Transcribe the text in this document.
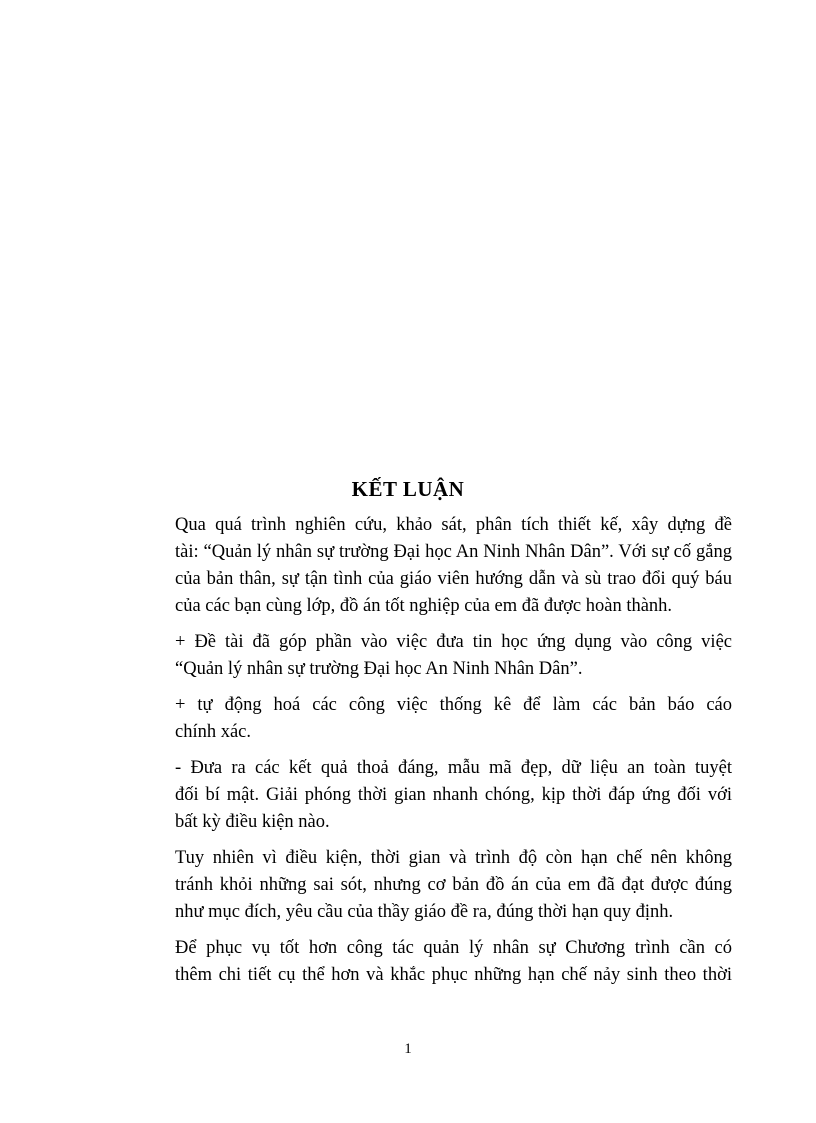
KẾT LUẬN

Qua quá trình nghiên cứu, khảo sát, phân tích thiết kế, xây dựng đề
tài: “Quản lý nhân sự trường Đại học An Ninh Nhân Dân”. Với sự cố gắng
của bản thân, sự tận tình của giáo viên hướng dẫn và sù trao đổi quý báu
của các bạn cùng lớp, đồ án tốt nghiệp của em đã được hoàn thành.

+ Đề tài đã góp phần vào việc đưa tin học ứng dụng vào công việc
“Quản lý nhân sự trường Đại học An Ninh Nhân Dân”.

+ tự động hoá các công việc thống kê để làm các bản báo cáo
chính xác.

- Đưa ra các kết quả thoả đáng, mẫu mã đẹp, dữ liệu an toàn tuyệt
đối bí mật. Giải phóng thời gian nhanh chóng, kịp thời đáp ứng đối với
bất kỳ điều kiện nào.

Tuy nhiên vì điều kiện, thời gian và trình độ còn hạn chế nên không
tránh khỏi những sai sót, nhưng cơ bản đồ án của em đã đạt được đúng
như mục đích, yêu cầu của thầy giáo đề ra, đúng thời hạn quy định.

Để phục vụ tốt hơn công tác quản lý nhân sự Chương trình cần có
thêm chi tiết cụ thể hơn và khắc phục những hạn chế nảy sinh theo thời

1
